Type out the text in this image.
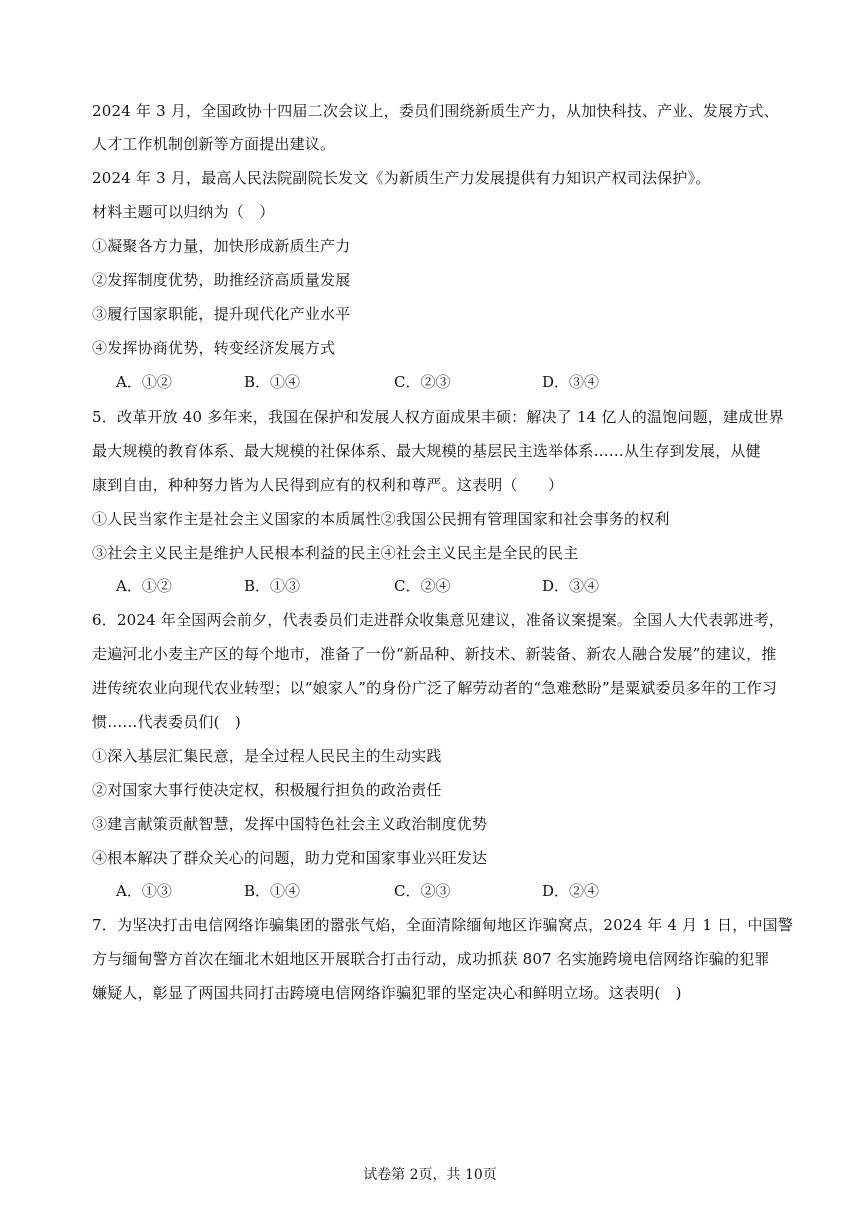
2024 年 3 月，全国政协十四届二次会议上，委员们围绕新质生产力，从加快科技、产业、发展方式、
人才工作机制创新等方面提出建议。
2024 年 3 月，最高人民法院副院长发文《为新质生产力发展提供有力知识产权司法保护》。
材料主题可以归纳为（　）
①凝聚各方力量，加快形成新质生产力
②发挥制度优势，助推经济高质量发展
③履行国家职能，提升现代化产业水平
④发挥协商优势，转变经济发展方式
A．①②	B．①④	C．②③	D．③④
5．改革开放 40 多年来，我国在保护和发展人权方面成果丰硕：解决了 14 亿人的温饱问题，建成世界
最大规模的教育体系、最大规模的社保体系、最大规模的基层民主选举体系……从生存到发展，从健
康到自由，种种努力皆为人民得到应有的权利和尊严。这表明（　　）
①人民当家作主是社会主义国家的本质属性②我国公民拥有管理国家和社会事务的权利
③社会主义民主是维护人民根本利益的民主④社会主义民主是全民的民主
A．①②	B．①③	C．②④	D．③④
6．2024 年全国两会前夕，代表委员们走进群众收集意见建议，准备议案提案。全国人大代表郭进考，
走遍河北小麦主产区的每个地市，准备了一份“新品种、新技术、新装备、新农人融合发展”的建议，推
进传统农业向现代农业转型；以“娘家人”的身份广泛了解劳动者的“急难愁盼”是粟斌委员多年的工作习
惯……代表委员们(　)
①深入基层汇集民意，是全过程人民民主的生动实践
②对国家大事行使决定权，积极履行担负的政治责任
③建言献策贡献智慧，发挥中国特色社会主义政治制度优势
④根本解决了群众关心的问题，助力党和国家事业兴旺发达
A．①③	B．①④	C．②③	D．②④
7．为坚决打击电信网络诈骗集团的嚣张气焰，全面清除缅甸地区诈骗窝点，2024 年 4 月 1 日，中国警
方与缅甸警方首次在缅北木姐地区开展联合打击行动，成功抓获 807 名实施跨境电信网络诈骗的犯罪
嫌疑人，彰显了两国共同打击跨境电信网络诈骗犯罪的坚定决心和鲜明立场。这表明(　)
试卷第 2页，共 10页
